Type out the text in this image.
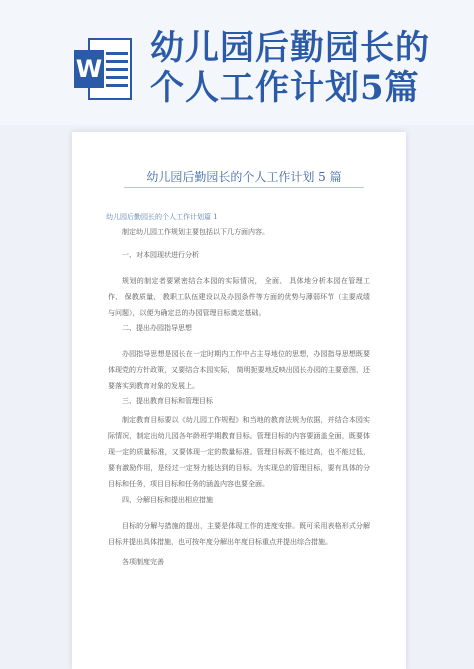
W
幼儿园后勤园长的个人工作计划5篇
幼儿园后勤园长的个人工作计划 5 篇
幼儿园后勤园长的个人工作计划篇 1

制定幼儿园工作规划主要包括以下几方面内容。

一、对本园现状进行分析

规划的制定者要紧密结合本园的实际情况， 全面、 具体地分析本园在管理工作、 保教质量、 教职工队伍建设以及办园条件等方面的优势与薄弱环节（主要成绩与问题），以便为确定总的办园管理目标奠定基础。

二、提出办园指导思想

办园指导思想是园长在一定时期内工作中占主导地位的思想，办园指导思想既要体现党的方针政策，又要结合本园实际， 简明扼要地反映出园长办园的主要意图，还要落实到教育对象的发展上。

三、提出教育目标和管理目标

制定教育目标要以《幼儿园工作规程》和当地的教育法规为依据，并结合本园实际情况，制定出幼儿园各年龄班学期教育目标。管理目标的内容要涵盖全面，既要体现一定的质量标准，又要体现一定的数量标准。管理目标既不能过高，也不能过低，要有激励作用，是经过一定努力能达到的目标。为实现总的管理目标，要有具体的分目标和任务，项目目标和任务的涵盖内容也要全面。

四、分解目标和提出相应措施

目标的分解与措施的提出，主要是体现工作的进度安排。既可采用表格形式分解目标并提出具体措施，也可按年度分解出年度目标重点并提出综合措施。

各项制度完善
